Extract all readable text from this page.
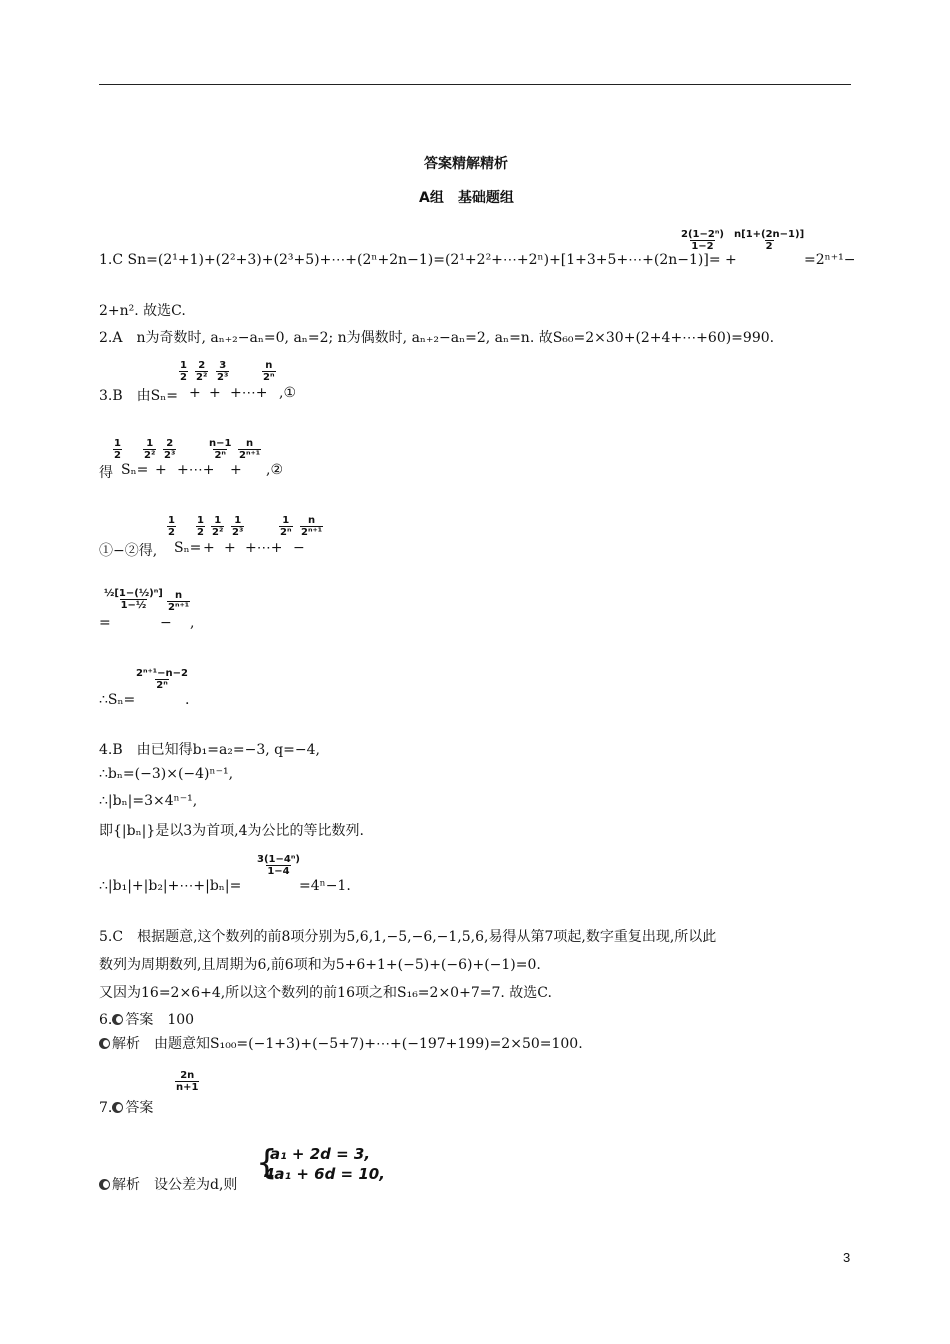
答案精解精析
A组　基础题组
1.C Sn=(2¹+1)+(2²+3)+(2³+5)+⋯+(2ⁿ+2n−1)=(2¹+2²+⋯+2ⁿ)+[1+3+5+⋯+(2n−1)]=
$\frac{\text{2(1−2ⁿ)}}{1-2}$
+
$\frac{n[1+(2n-1)]}{2}$
=2ⁿ⁺¹−
2+n². 故选C.
2.A　n为奇数时, aₙ₊₂−aₙ=0, aₙ=2; n为偶数时, aₙ₊₂−aₙ=2, aₙ=n. 故S₆₀=2×30+(2+4+⋯+60)=990.
3.B　由Sₙ=
$\frac{1}{2}$
+
$\frac{2}{\text{2²}}$
+
$\frac{3}{\text{2³}}$
+⋯+
$\frac{n}{\text{2ⁿ}}$
,①
$\frac{1}{2}$
得 Sₙ=
$\frac{1}{\text{2²}}$
+
$\frac{2}{\text{2³}}$
+⋯+
$\frac{n-1}{\text{2ⁿ}}$
+
$\frac{n}{\text{2ⁿ⁺¹}}$
,②
①−②得,
$\frac{1}{2}$
Sₙ=
$\frac{1}{2}$
+
$\frac{1}{\text{2²}}$
+
$\frac{1}{\text{2³}}$
+⋯+
$\frac{1}{\text{2ⁿ}}$
−
$\frac{n}{\text{2ⁿ⁺¹}}$
$\frac{\text{½[1−(½)ⁿ]}}{\text{1−½}}$
=	−
$\frac{n}{\text{2ⁿ⁺¹}}$
,
∴Sₙ=
$\frac{\text{2ⁿ⁺¹−n−2}}{\text{2ⁿ}}$
.
4.B　由已知得b₁=a₂=−3, q=−4,
∴bₙ=(−3)×(−4)ⁿ⁻¹,
∴|bₙ|=3×4ⁿ⁻¹,
即{|bₙ|}是以3为首项,4为公比的等比数列.
∴|b₁|+|b₂|+⋯+|bₙ|=
$\frac{\text{3(1−4ⁿ)}}{1-4}$
=4ⁿ−1.
5.C　根据题意,这个数列的前8项分别为5,6,1,−5,−6,−1,5,6,易得从第7项起,数字重复出现,所以此
数列为周期数列,且周期为6,前6项和为5+6+1+(−5)+(−6)+(−1)=0.
又因为16=2×6+4,所以这个数列的前16项之和S₁₆=2×0+7=7. 故选C.
6. 答案　 100
解析　 由题意知S₁₀₀=(−1+3)+(−5+7)+⋯+(−197+199)=2×50=100.
7. 答案
$\frac{2n}{n+1}$
解析　 设公差为d,则
{
a₁ + 2d = 3,
4a₁ + 6d = 10,
3
